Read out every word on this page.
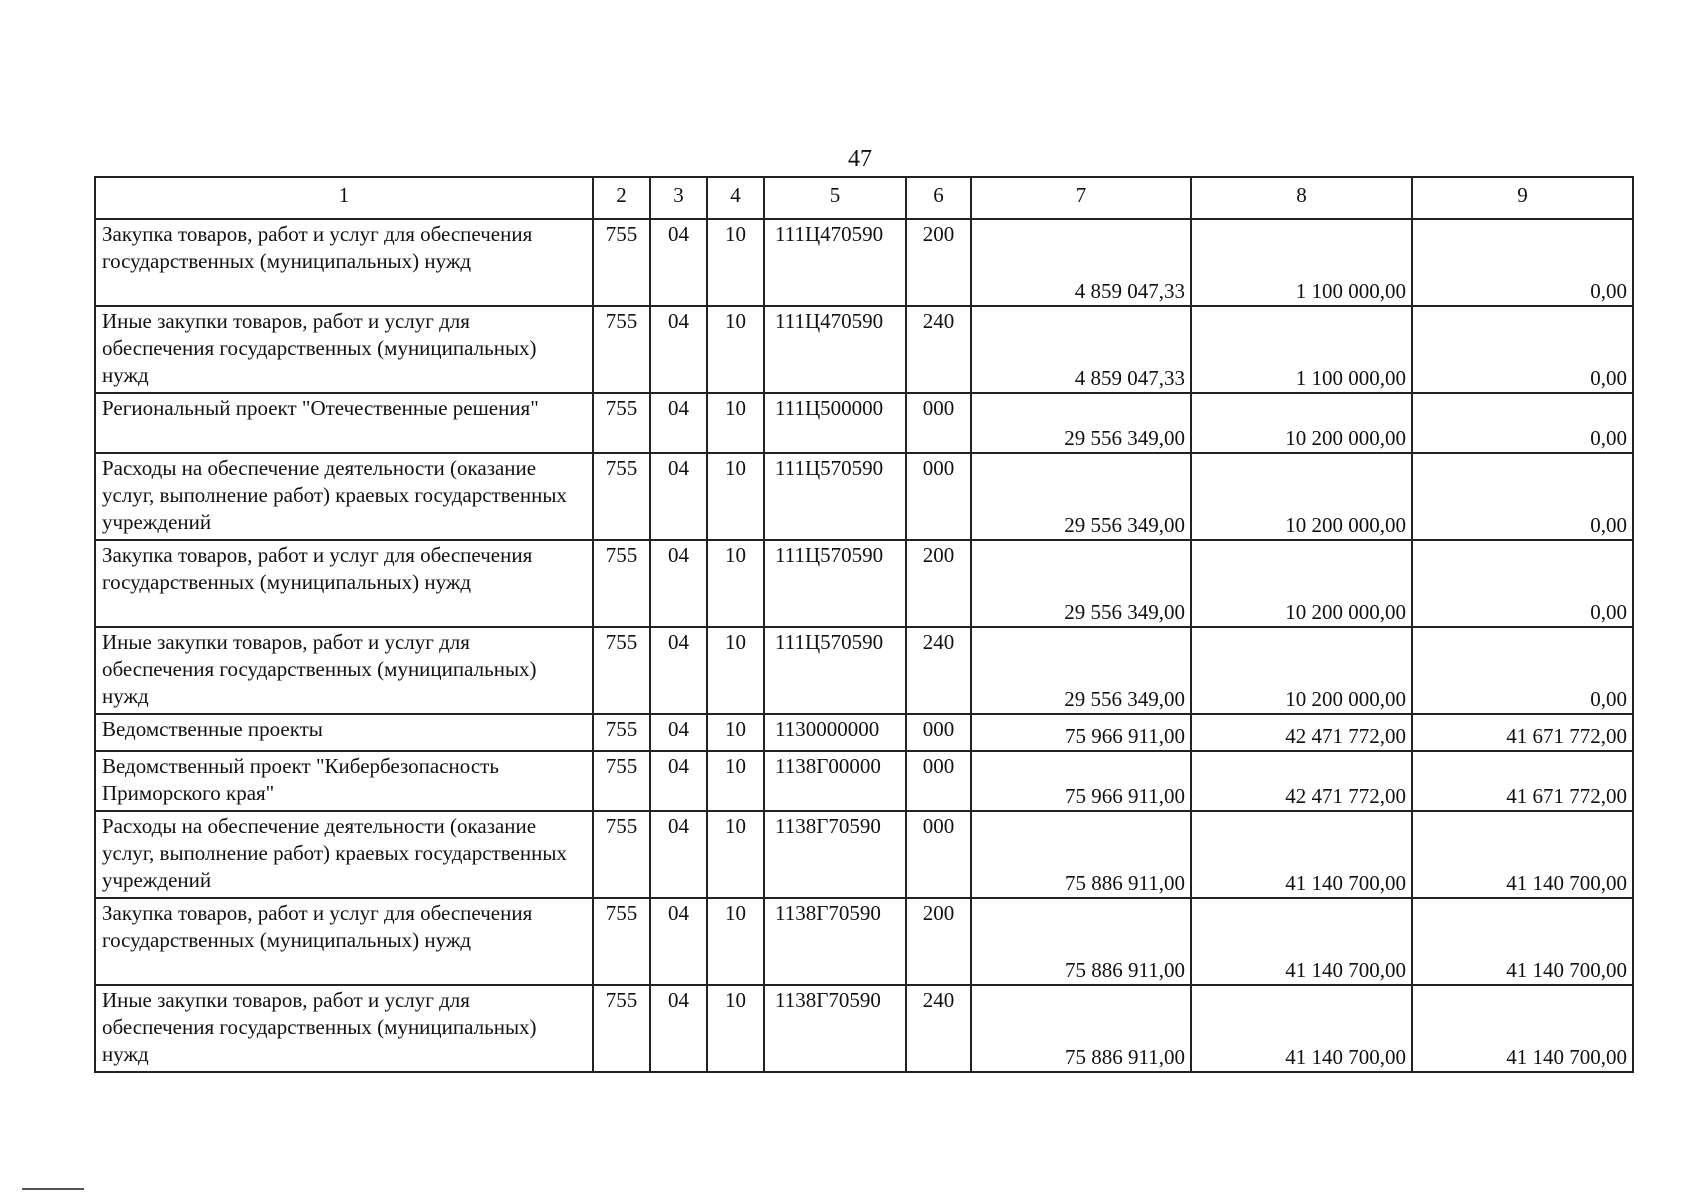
47
1	2	3	4	5	6	7	8	9
Закупка товаров, работ и услуг для обеспечения государственных (муниципальных) нужд	755	04	10	111Ц470590	200	4 859 047,33	1 100 000,00	0,00
Иные закупки товаров, работ и услуг для обеспечения государственных (муниципальных) нужд	755	04	10	111Ц470590	240	4 859 047,33	1 100 000,00	0,00
Региональный проект "Отечественные решения"	755	04	10	111Ц500000	000	29 556 349,00	10 200 000,00	0,00
Расходы на обеспечение деятельности (оказание услуг, выполнение работ) краевых государственных учреждений	755	04	10	111Ц570590	000	29 556 349,00	10 200 000,00	0,00
Закупка товаров, работ и услуг для обеспечения государственных (муниципальных) нужд	755	04	10	111Ц570590	200	29 556 349,00	10 200 000,00	0,00
Иные закупки товаров, работ и услуг для обеспечения государственных (муниципальных) нужд	755	04	10	111Ц570590	240	29 556 349,00	10 200 000,00	0,00
Ведомственные проекты	755	04	10	1130000000	000	75 966 911,00	42 471 772,00	41 671 772,00
Ведомственный проект "Кибербезопасность Приморского края"	755	04	10	1138Г00000	000	75 966 911,00	42 471 772,00	41 671 772,00
Расходы на обеспечение деятельности (оказание услуг, выполнение работ) краевых государственных учреждений	755	04	10	1138Г70590	000	75 886 911,00	41 140 700,00	41 140 700,00
Закупка товаров, работ и услуг для обеспечения государственных (муниципальных) нужд	755	04	10	1138Г70590	200	75 886 911,00	41 140 700,00	41 140 700,00
Иные закупки товаров, работ и услуг для обеспечения государственных (муниципальных) нужд	755	04	10	1138Г70590	240	75 886 911,00	41 140 700,00	41 140 700,00
